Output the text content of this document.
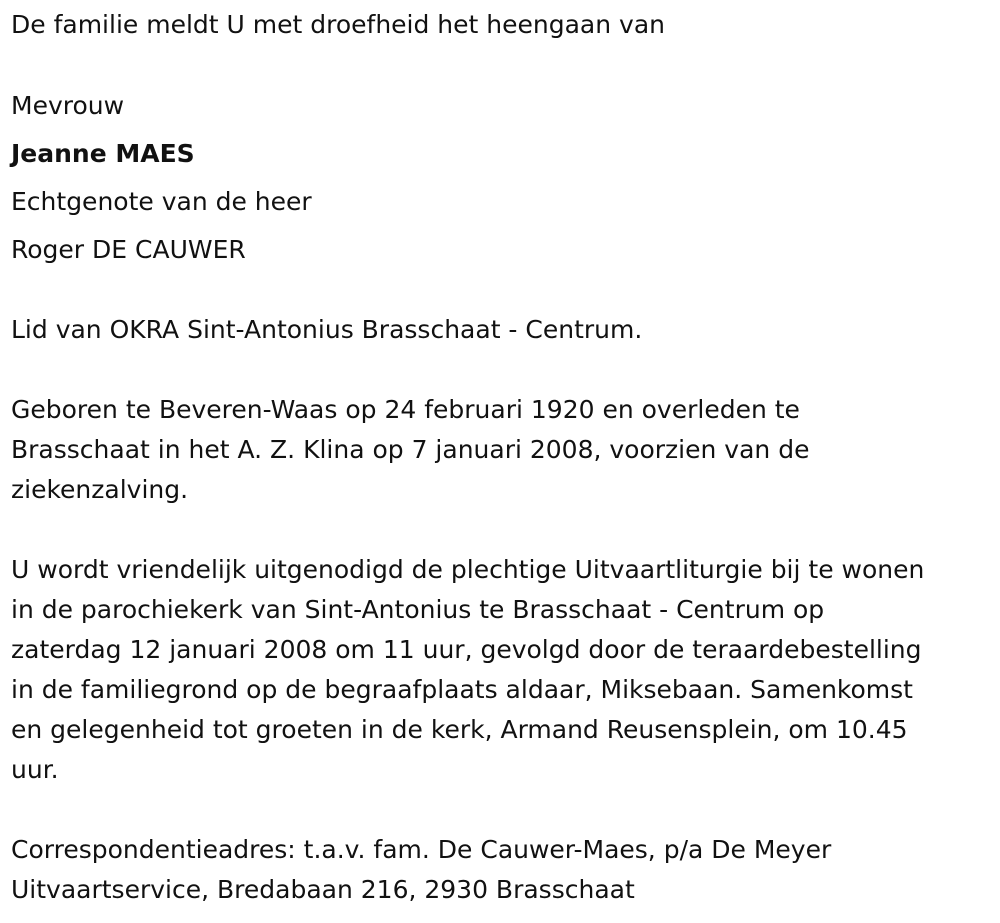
De familie meldt U met droefheid het heengaan van
Mevrouw
Jeanne MAES
Echtgenote van de heer
Roger DE CAUWER
Lid van OKRA Sint-Antonius Brasschaat - Centrum.
Geboren te Beveren-Waas op 24 februari 1920 en overleden te
Brasschaat in het A. Z. Klina op 7 januari 2008, voorzien van de
ziekenzalving.
U wordt vriendelijk uitgenodigd de plechtige Uitvaartliturgie bij te wonen
in de parochiekerk van Sint-Antonius te Brasschaat - Centrum op
zaterdag 12 januari 2008 om 11 uur, gevolgd door de teraardebestelling
in de familiegrond op de begraafplaats aldaar, Miksebaan. Samenkomst
en gelegenheid tot groeten in de kerk, Armand Reusensplein, om 10.45
uur.
Correspondentieadres: t.a.v. fam. De Cauwer-Maes, p/a De Meyer
Uitvaartservice, Bredabaan 216, 2930 Brasschaat
